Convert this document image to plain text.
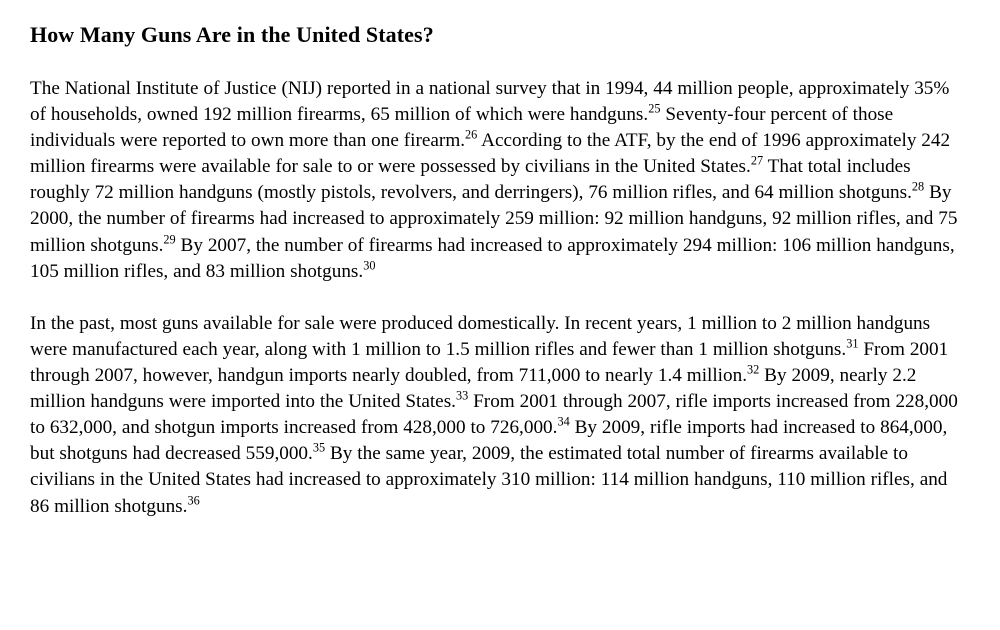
How Many Guns Are in the United States?

The National Institute of Justice (NIJ) reported in a national survey that in 1994, 44 million people, approximately 35% of households, owned 192 million firearms, 65 million of which were handguns.$^{25}$ Seventy-four percent of those individuals were reported to own more than one firearm.$^{26}$ According to the ATF, by the end of 1996 approximately 242 million firearms were available for sale to or were possessed by civilians in the United States.$^{27}$ That total includes roughly 72 million handguns (mostly pistols, revolvers, and derringers), 76 million rifles, and 64 million shotguns.$^{28}$ By 2000, the number of firearms had increased to approximately 259 million: 92 million handguns, 92 million rifles, and 75 million shotguns.$^{29}$ By 2007, the number of firearms had increased to approximately 294 million: 106 million handguns, 105 million rifles, and 83 million shotguns.$^{30}$

In the past, most guns available for sale were produced domestically. In recent years, 1 million to 2 million handguns were manufactured each year, along with 1 million to 1.5 million rifles and fewer than 1 million shotguns.$^{31}$ From 2001 through 2007, however, handgun imports nearly doubled, from 711,000 to nearly 1.4 million.$^{32}$ By 2009, nearly 2.2 million handguns were imported into the United States.$^{33}$ From 2001 through 2007, rifle imports increased from 228,000 to 632,000, and shotgun imports increased from 428,000 to 726,000.34 By 2009, rifle imports had increased to 864,000, but shotguns had decreased 559,000.35 By the same year, 2009, the estimated total number of firearms available to civilians in the United States had increased to approximately 310 million: 114 million handguns, 110 million rifles, and 86 million shotguns.$^{36}$
